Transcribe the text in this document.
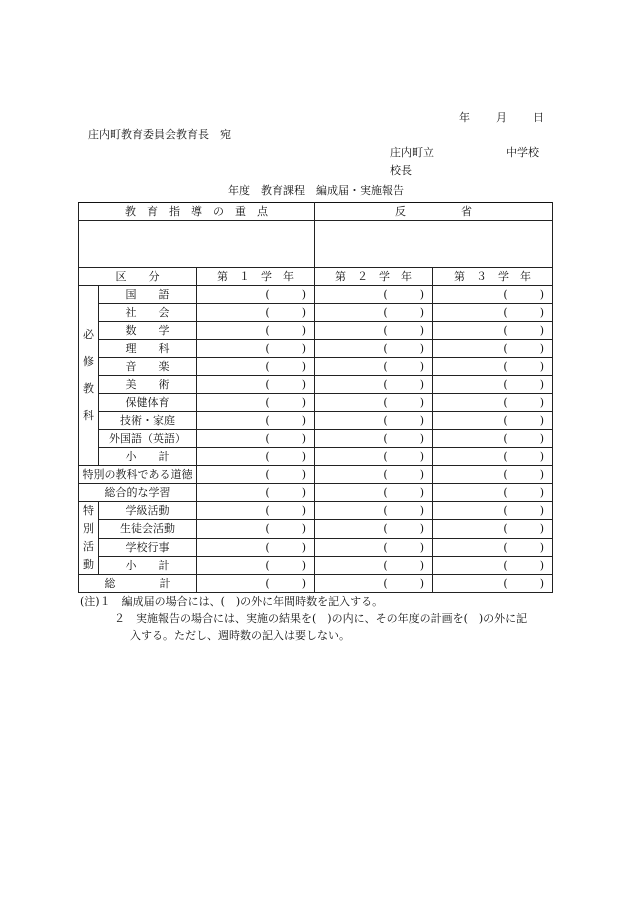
年 月 日
庄内町教育委員会教育長　宛
庄内町立	中学校
校長
年度　教育課程　編成届・実施報告
教　育　指　導　の　重　点			反　　　　　省	

区　　分		第　１　学　年	第　２　学　年	第　３　学　年

必
修
教
科	国　　語	( )	( )	( )

	社　　会	( )	( )	( )

	数　　学	( )	( )	( )

	理　　科	( )	( )	( )

	音　　楽	( )	( )	( )

	美　　術	( )	( )	( )

	保健体育	( )	( )	( )

	技術・家庭	( )	( )	( )

	外国語（英語）	( )	( )	( )

	小　　計	( )	( )	( )

特別の教科である道徳		( )	( )	( )

総合的な学習		( )	( )	( )

特
別
活
動	学級活動	( )	( )	( )

	生徒会活動	( )	( )	( )

	学校行事	( )	( )	( )

	小　　計	( )	( )	( )

総　　　　計		( )	( )	( )

(注)１　編成届の場合には、(　)の外に年間時数を記入する。

２　実施報告の場合には、実施の結果を(　)の内に、その年度の計画を(　)の外に記

入する。ただし、週時数の記入は要しない。
